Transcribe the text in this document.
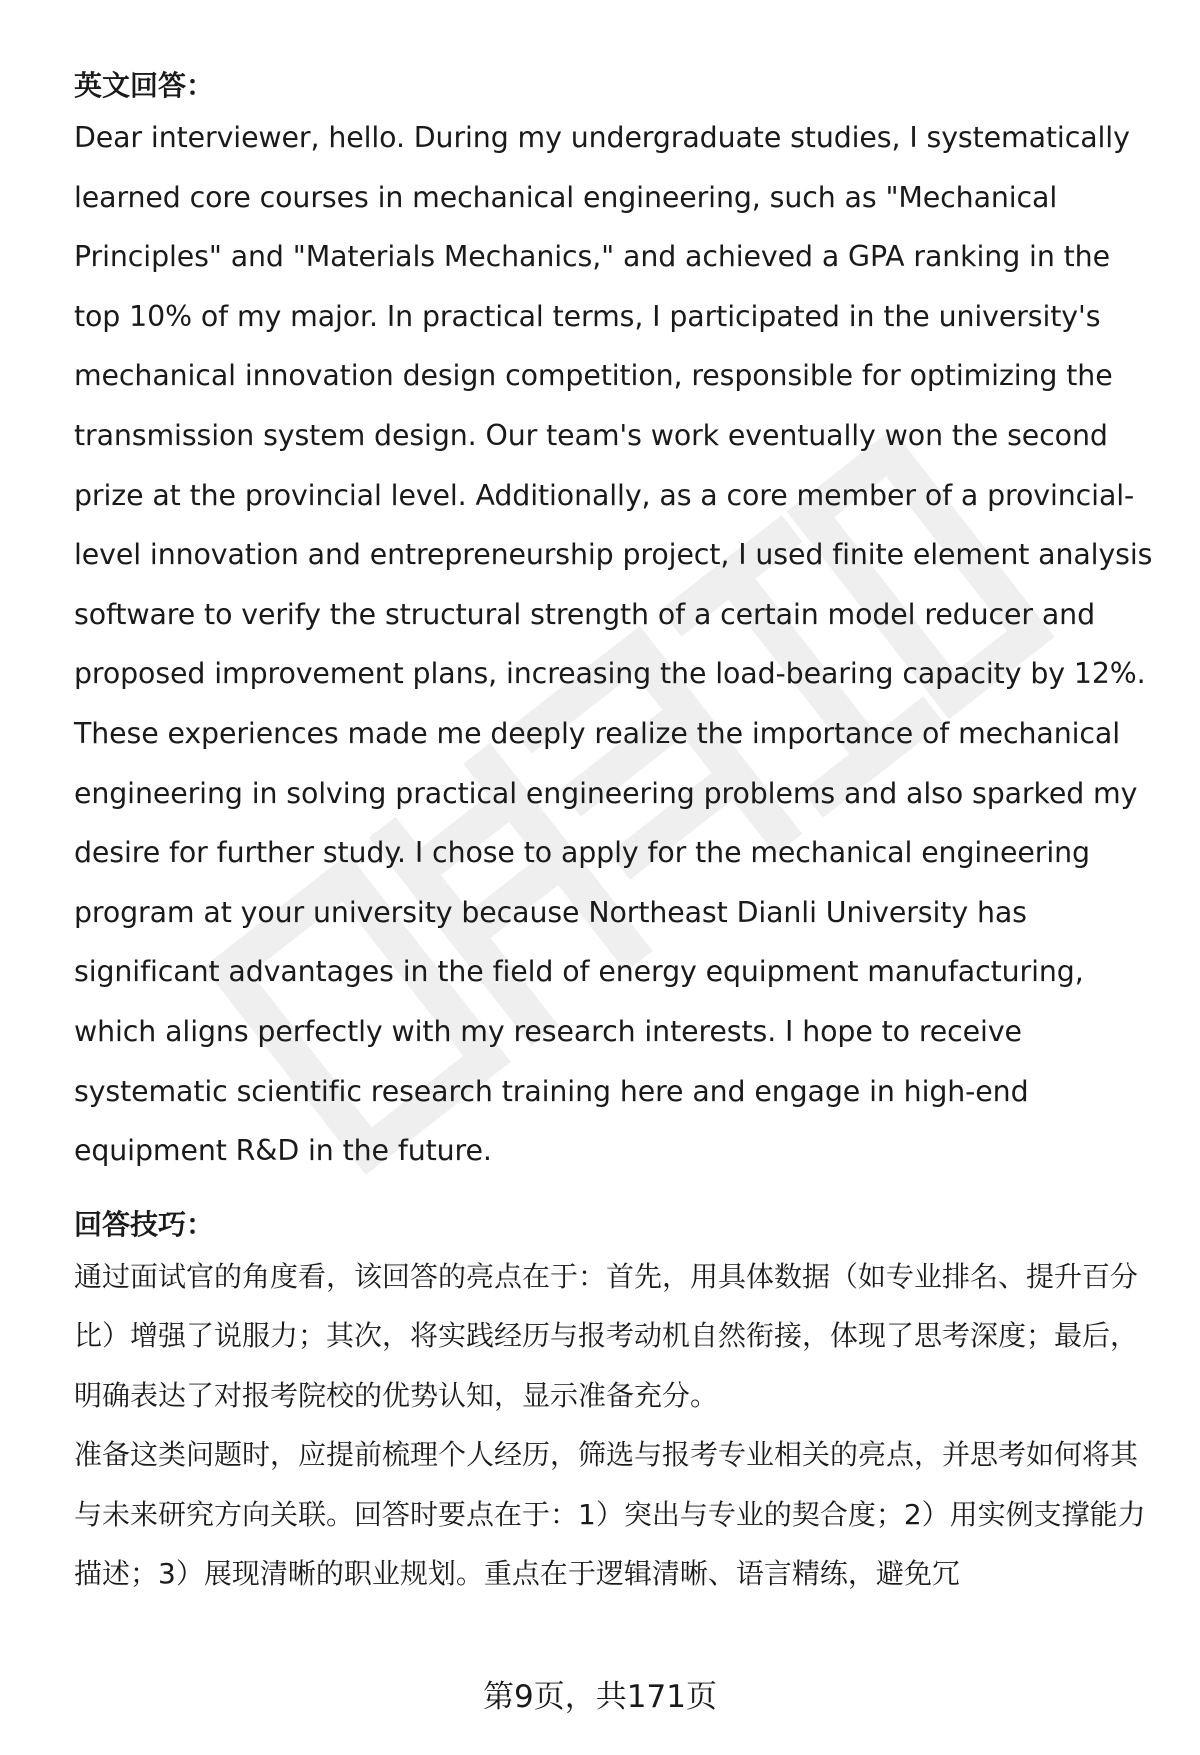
英文回答：

Dear interviewer, hello. During my undergraduate studies, I systematically learned core courses in mechanical engineering, such as "Mechanical Principles" and "Materials Mechanics," and achieved a GPA ranking in the top 10% of my major. In practical terms, I participated in the university's mechanical innovation design competition, responsible for optimizing the transmission system design. Our team's work eventually won the second prize at the provincial level. Additionally, as a core member of a provincial-level innovation and entrepreneurship project, I used finite element analysis software to verify the structural strength of a certain model reducer and proposed improvement plans, increasing the load-bearing capacity by 12%. These experiences made me deeply realize the importance of mechanical engineering in solving practical engineering problems and also sparked my desire for further study. I chose to apply for the mechanical engineering program at your university because Northeast Dianli University has significant advantages in the field of energy equipment manufacturing, which aligns perfectly with my research interests. I hope to receive systematic scientific research training here and engage in high-end equipment R&D in the future.

回答技巧：

通过面试官的角度看，该回答的亮点在于：首先，用具体数据（如专业排名、提升百分比）增强了说服力；其次，将实践经历与报考动机自然衔接，体现了思考深度；最后，明确表达了对报考院校的优势认知，显示准备充分。

准备这类问题时，应提前梳理个人经历，筛选与报考专业相关的亮点，并思考如何将其与未来研究方向关联。回答时要点在于：1）突出与专业的契合度；2）用实例支撑能力描述；3）展现清晰的职业规划。重点在于逻辑清晰、语言精练，避免冗

第9页，共171页
